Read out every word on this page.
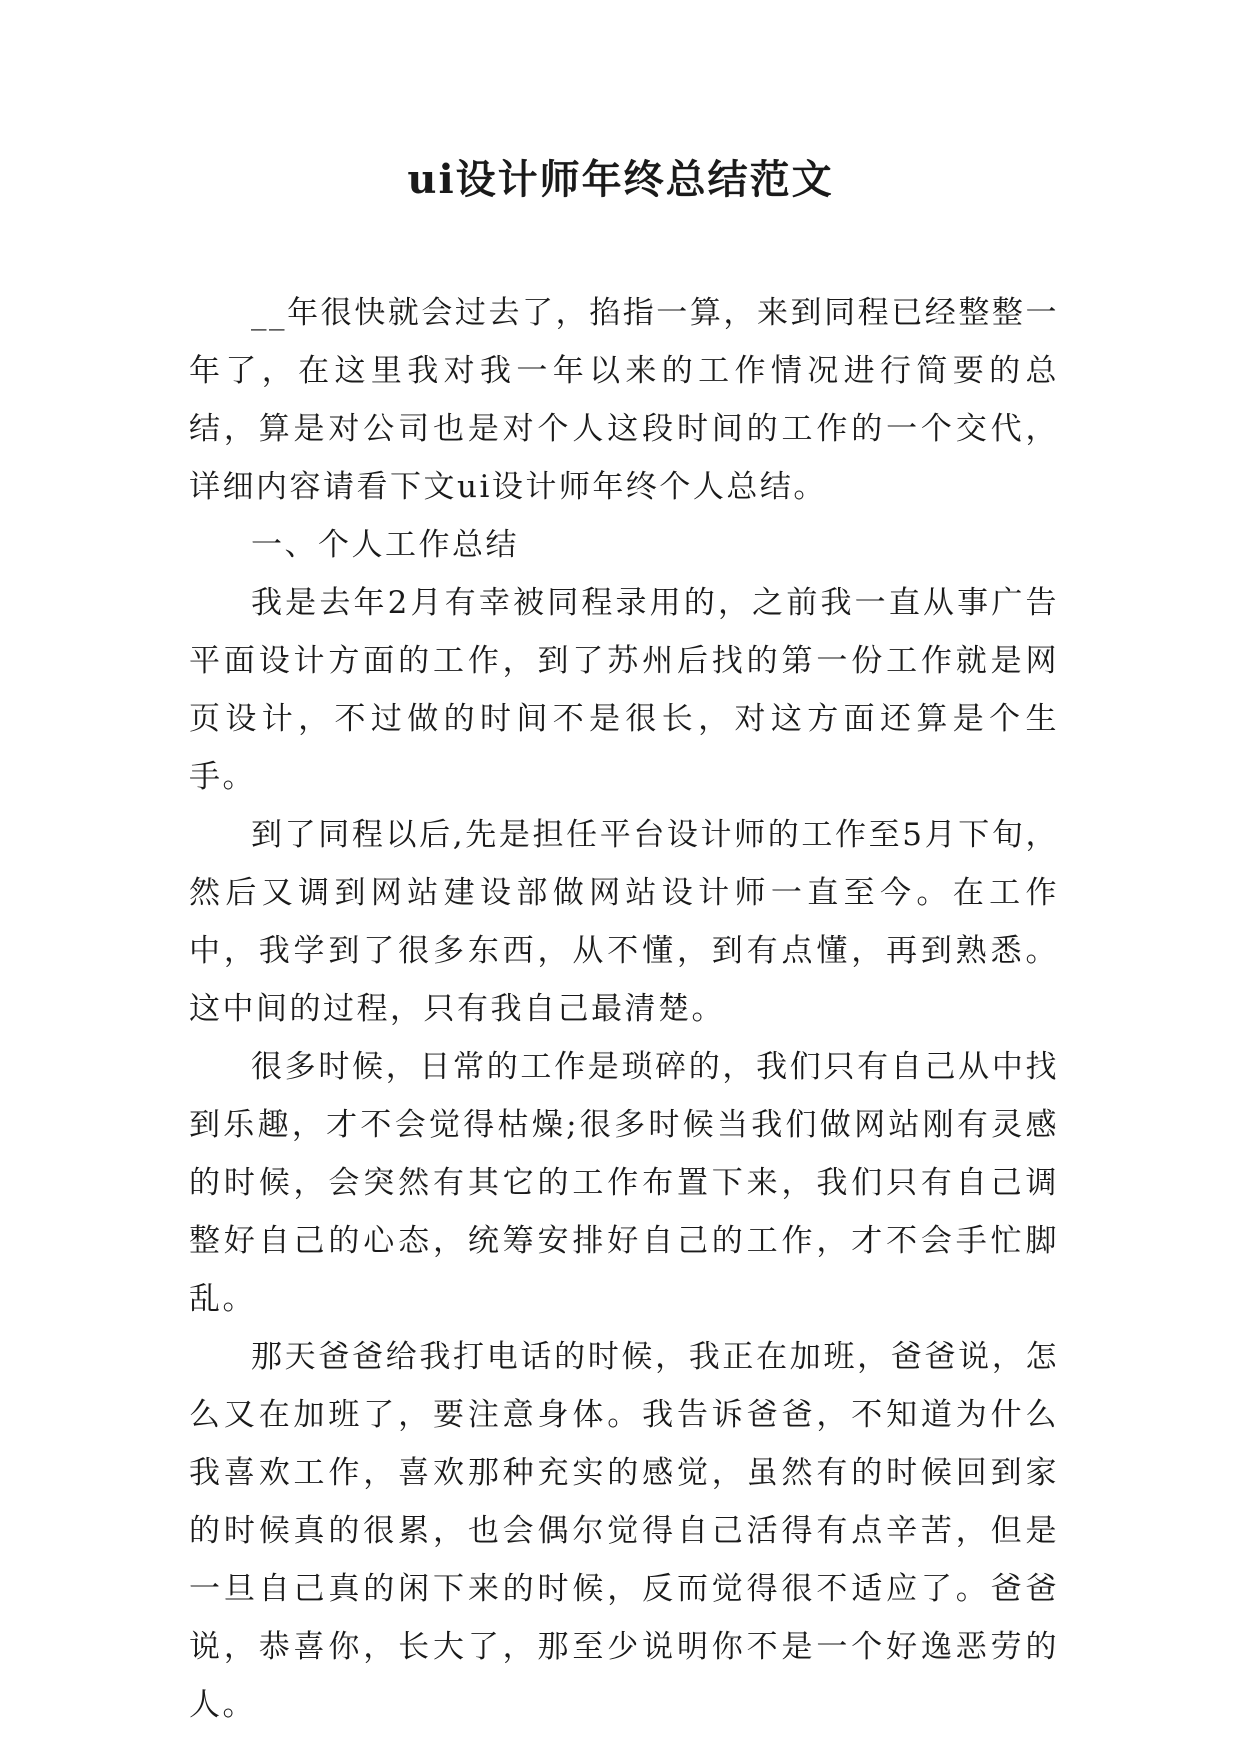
ui设计师年终总结范文

__年很快就会过去了，掐指一算，来到同程已经整整一年了，在这里我对我一年以来的工作情况进行简要的总结，算是对公司也是对个人这段时间的工作的一个交代，详细内容请看下文ui设计师年终个人总结。

一、个人工作总结

我是去年2月有幸被同程录用的，之前我一直从事广告平面设计方面的工作，到了苏州后找的第一份工作就是网页设计，不过做的时间不是很长，对这方面还算是个生手。

到了同程以后,先是担任平台设计师的工作至5月下旬，然后又调到网站建设部做网站设计师一直至今。在工作中，我学到了很多东西，从不懂，到有点懂，再到熟悉。这中间的过程，只有我自己最清楚。

很多时候，日常的工作是琐碎的，我们只有自己从中找到乐趣，才不会觉得枯燥;很多时候当我们做网站刚有灵感的时候，会突然有其它的工作布置下来，我们只有自己调整好自己的心态，统筹安排好自己的工作，才不会手忙脚乱。

那天爸爸给我打电话的时候，我正在加班，爸爸说，怎么又在加班了，要注意身体。我告诉爸爸，不知道为什么我喜欢工作，喜欢那种充实的感觉，虽然有的时候回到家的时候真的很累，也会偶尔觉得自己活得有点辛苦，但是一旦自己真的闲下来的时候，反而觉得很不适应了。爸爸说，恭喜你，长大了，那至少说明你不是一个好逸恶劳的人。
